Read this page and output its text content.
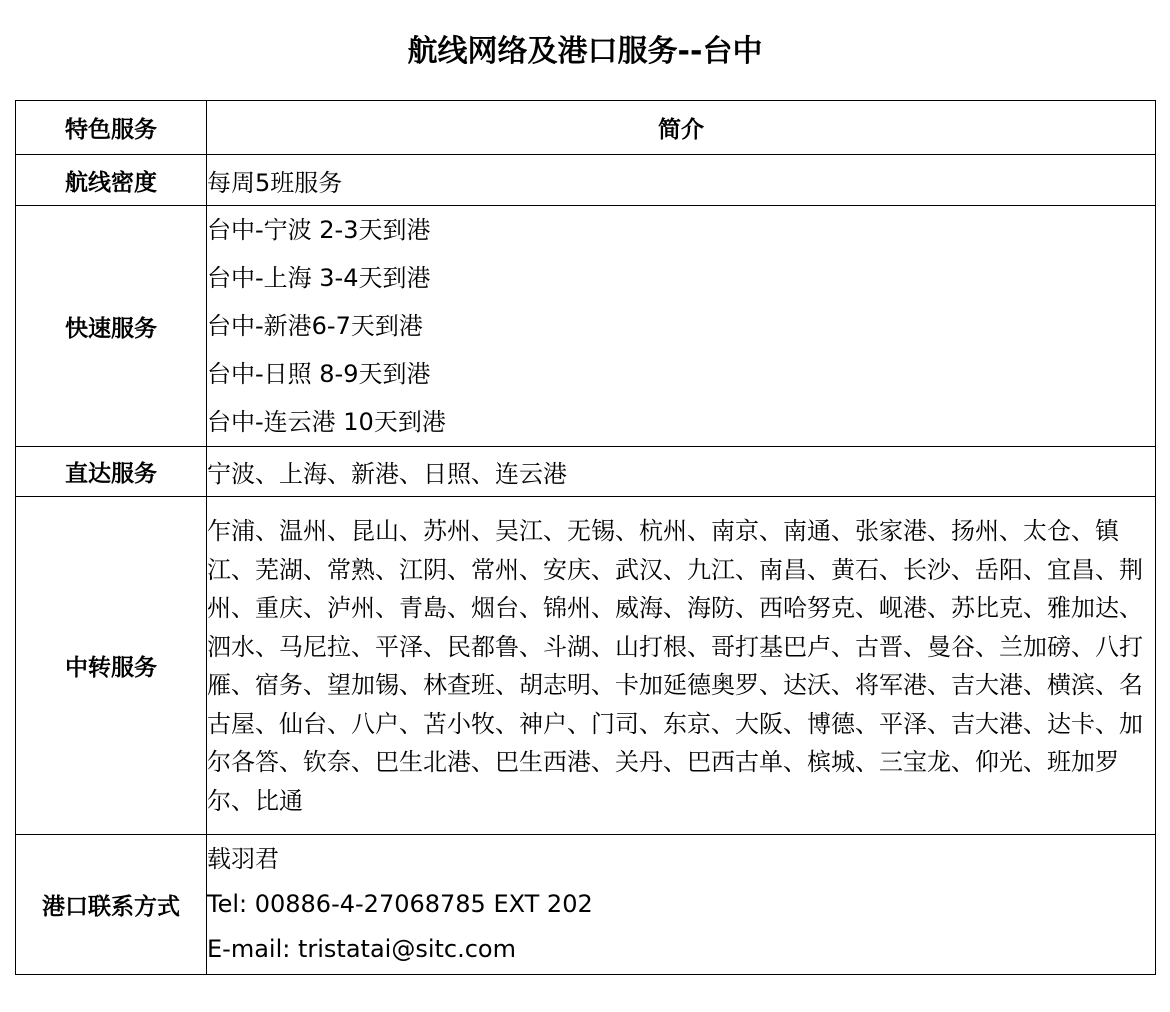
航线网络及港口服务--台中
特色服务	简介
航线密度	每周5班服务
快速服务	台中-宁波 2-3天到港
台中-上海 3-4天到港
台中-新港6-7天到港
台中-日照 8-9天到港
台中-连云港 10天到港

直达服务	宁波、上海、新港、日照、连云港
中转服务	乍浦、温州、昆山、苏州、吴江、无锡、杭州、南京、南通、张家港、扬州、太仓、镇江、芜湖、常熟、江阴、常州、安庆、武汉、九江、南昌、黄石、长沙、岳阳、宜昌、荆州、重庆、泸州、青島、烟台、锦州、威海、海防、西哈努克、岘港、苏比克、雅加达、泗水、马尼拉、平泽、民都鲁、斗湖、山打根、哥打基巴卢、古晋、曼谷、兰加磅、八打雁、宿务、望加锡、林查班、胡志明、卡加延德奥罗、达沃、将军港、吉大港、横滨、名古屋、仙台、八户、苫小牧、神户、门司、东京、大阪、博德、平泽、吉大港、达卡、加尔各答、钦奈、巴生北港、巴生西港、关丹、巴西古单、槟城、三宝龙、仰光、班加罗尔、比通

港口联系方式	载羽君
Tel: 00886-4-27068785 EXT 202
E-mail: tristatai@sitc.com
